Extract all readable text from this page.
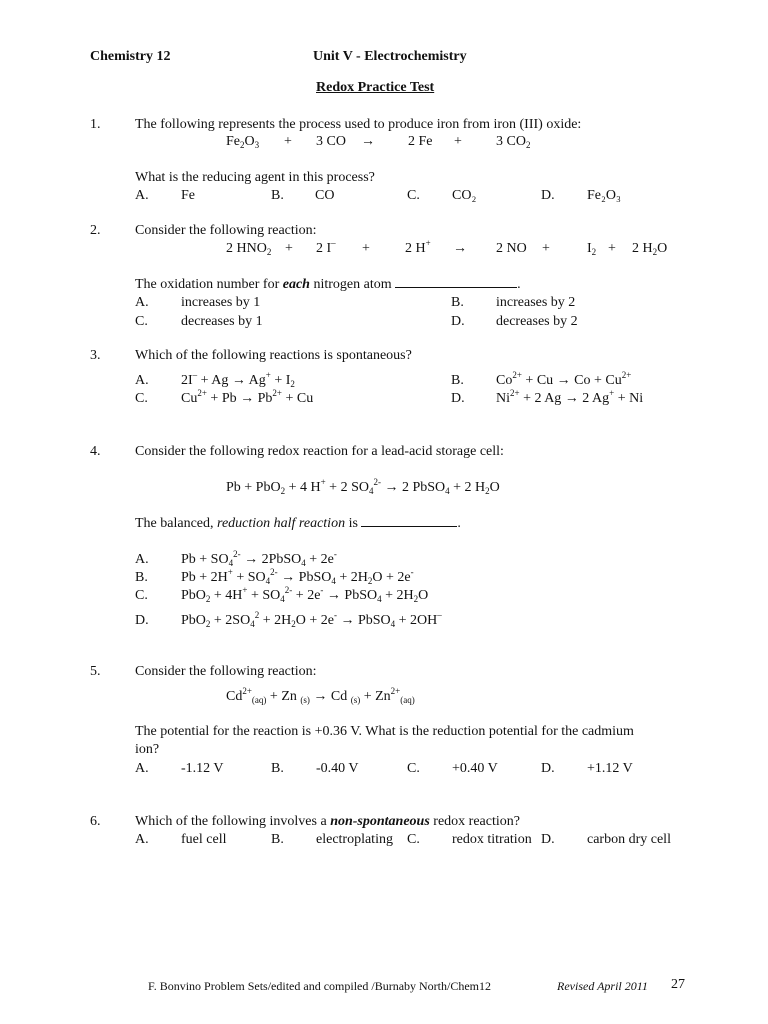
Chemistry 12	Unit V - Electrochemistry
Redox Practice Test
1. The following represents the process used to produce iron from iron (III) oxide:
$Fe_2O_3 + 3$ CO → 2 Fe + 3 $CO_2$
What is the reducing agent in this process?
A. Fe	B. CO	C. CO₂	D. Fe₂O₃
2. Consider the following reaction:
2 $HNO_2 + 2$ I– +	2 H+ → 2 NO +	$I_2 + 2$ $H_2O$
The oxidation number for each nitrogen atom	.
A. increases by 1	B. increases by 2
C. decreases by 1	D. decreases by 2
3. Which of the following reactions is spontaneous?
A. $2I^- + Ag \to Ag^+ + I_2$	B. $Co^{2+} + Cu \to Co + Cu^{2+}$
C. $Cu^{2+} + Pb \to Pb^{2+} + Cu$	D. $Ni^{2+} + 2$ Ag → 2 Ag+ + Ni
4. Consider the following redox reaction for a lead-acid storage cell:
Pb + PbO$_2$ + 4 H+ + 2 $SO_4^{2-} \to 2$ PbSO$_4$ + 2 $H_2O$
The balanced, reduction half reaction is	.
A. $Pb + SO_4^{2-}$ → 2PbSO$_4$ + 2e-
B. $Pb + 2H^+ + SO_4^{2-}$ → PbSO$_4$ + $2H_2O + 2e^-$
C. $PbO_2 + 4H^+ + SO_4^{2-} + 2e^-$ → PbSO$_4$ + $2H_2O$
D. $PbO_2 + 2SO_4^2 + 2H_2O + 2e^-$ → PbSO$_4$ + 2OH–
5. Consider the following reaction:
$Cd^{2+}_{(aq)} + Zn$ $_{(s)}$ → Cd $_{(s)} + Zn^{2+}_{(aq)}$
The potential for the reaction is +0.36 V. What is the reduction potential for the cadmium
ion?
A. -1.12 V	B. -0.40 V	C. +0.40 V	D. +1.12 V
6. Which of the following involves a non-spontaneous redox reaction?
A. fuel cell	B. electroplating C. redox titration D. carbon dry cell
F. Bonvino Problem Sets/edited and compiled /Burnaby North/Chem12	Revised April 2011 27
